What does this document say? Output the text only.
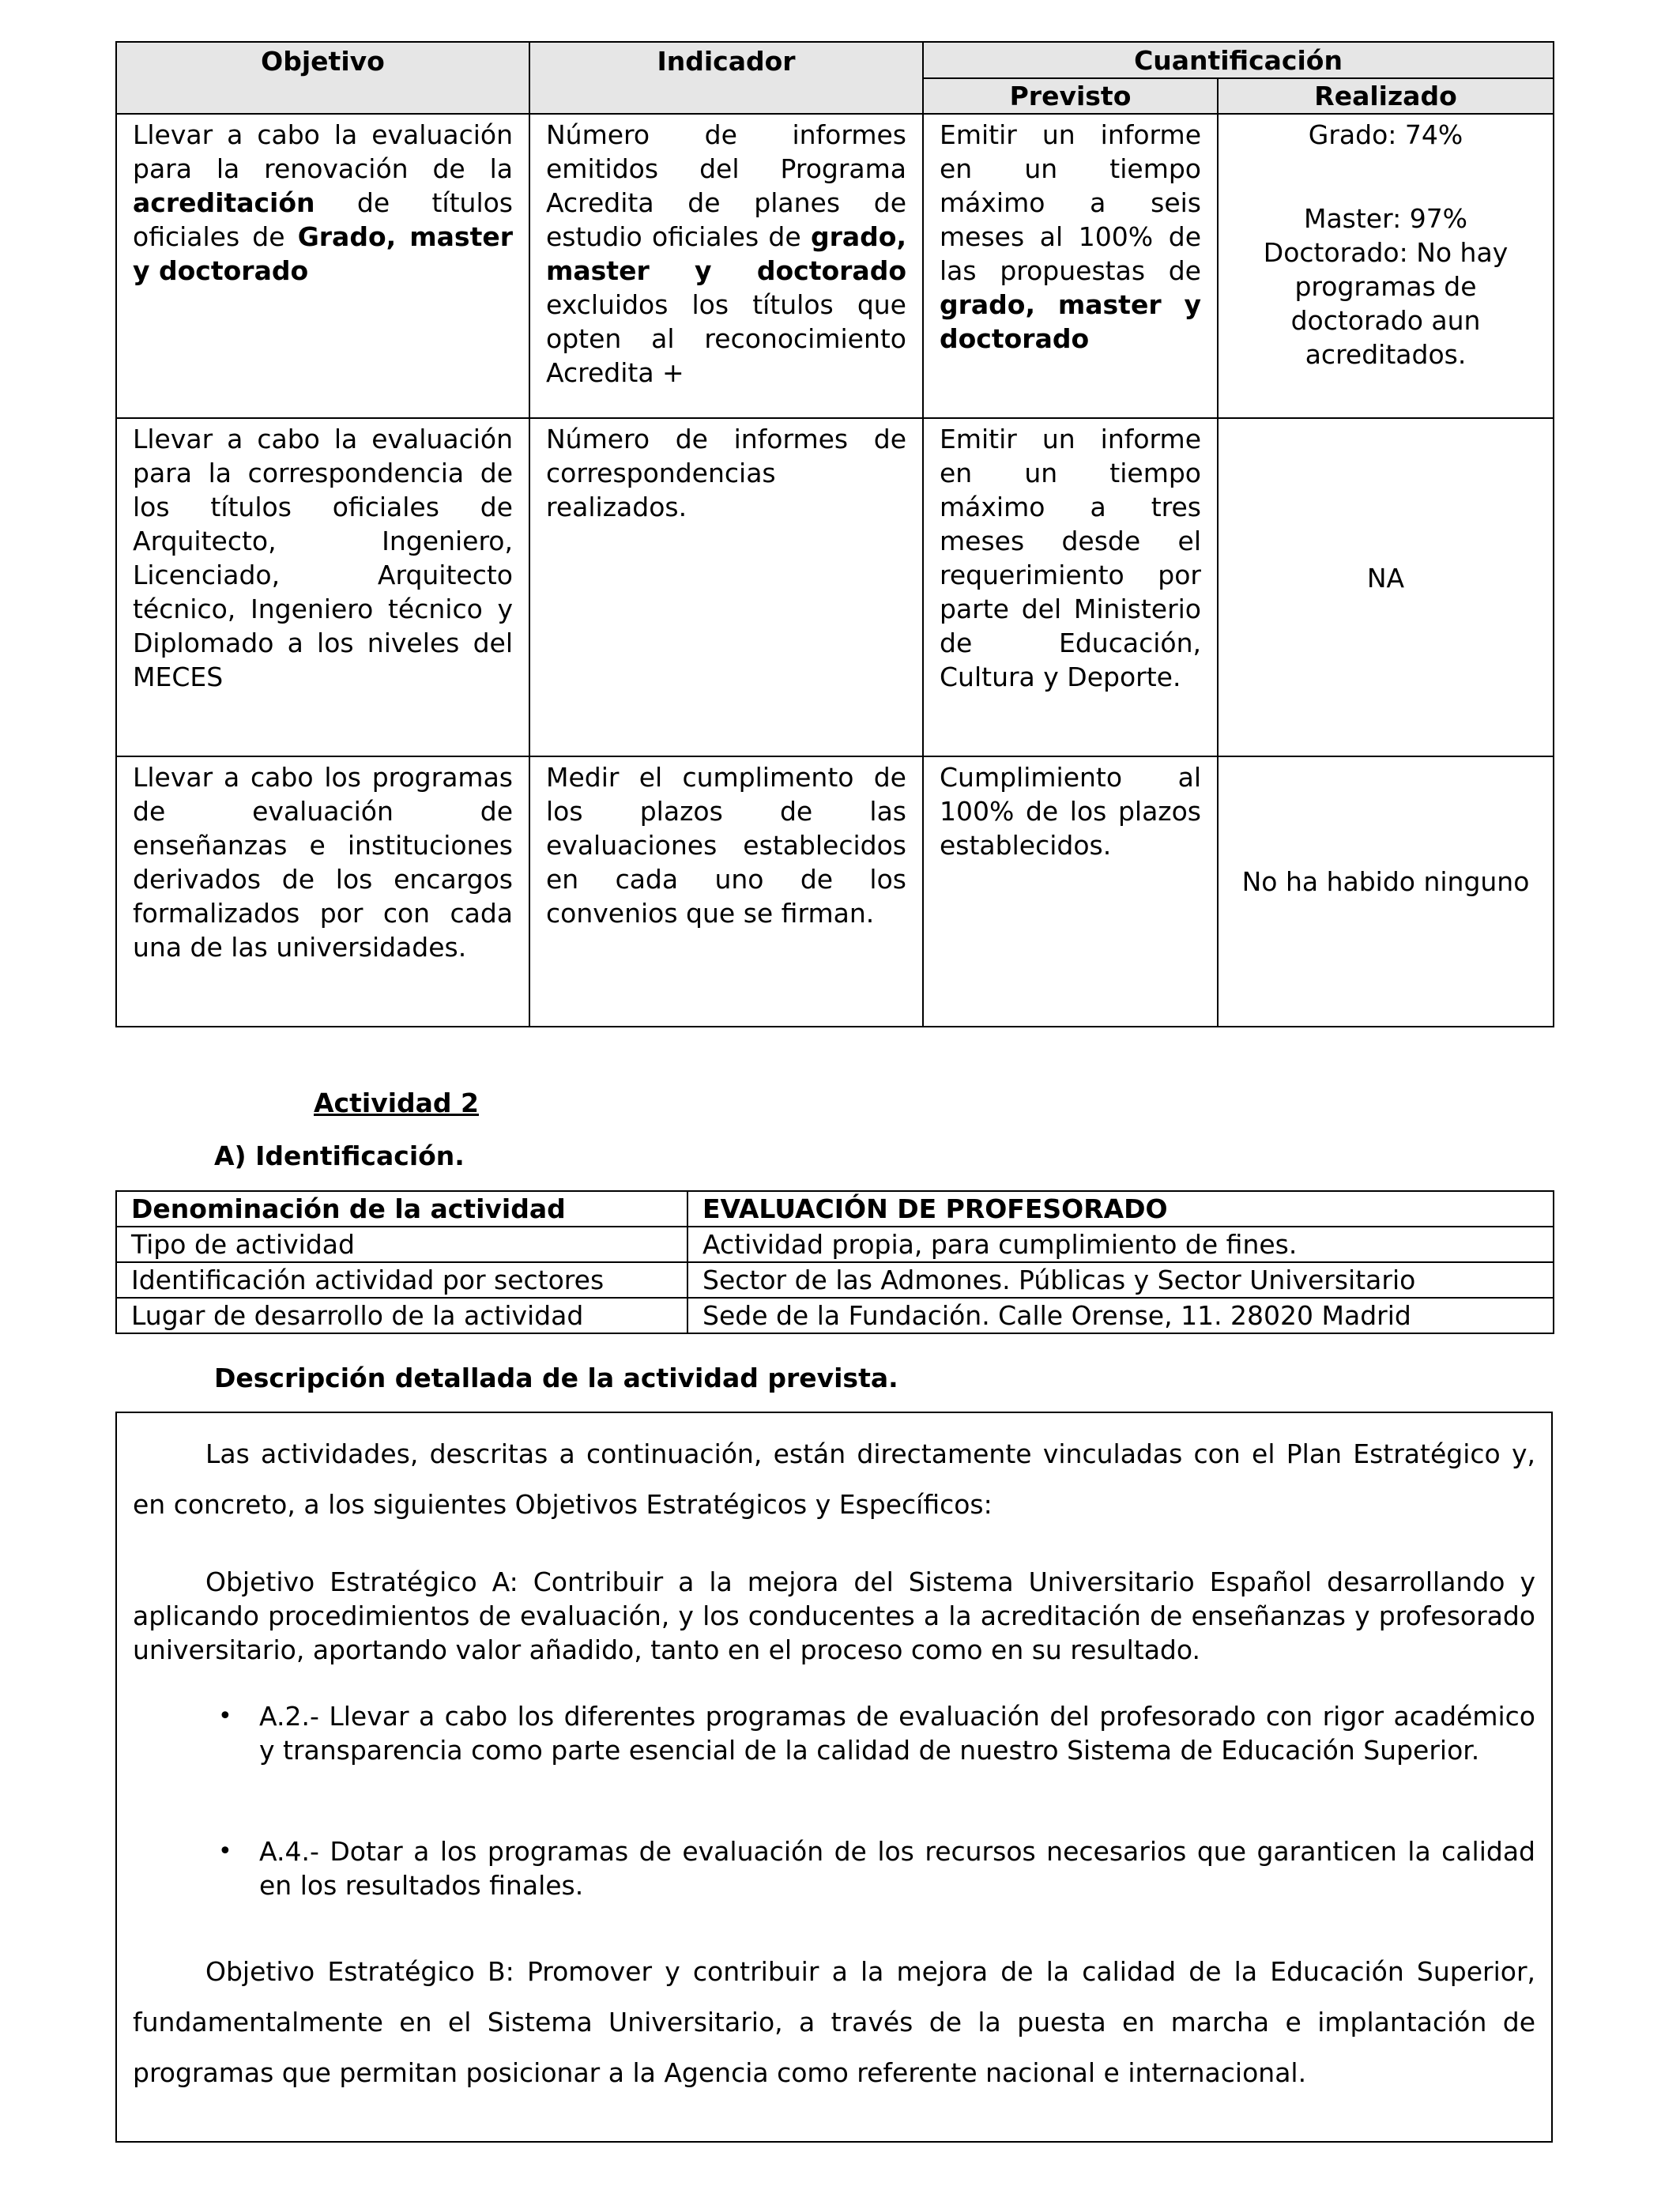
Objetivo	Indicador	Cuantificación	
		Previsto	Realizado
Llevar a cabo la evaluación para la renovación de la acreditación de títulos oficiales de Grado, master y doctorado	Número de informes emitidos del Programa Acredita de planes de estudio oficiales de grado, master y doctorado excluidos los títulos que opten al reconocimiento Acredita +	Emitir un informe en un tiempo máximo a seis meses al 100% de las propuestas de grado, master y doctorado	Grado: 74%
Master: 97%
Doctorado: No hay programas de doctorado aun acreditados.

Llevar a cabo la evaluación para la correspondencia de los títulos oficiales de Arquitecto, Ingeniero, Licenciado, Arquitecto técnico, Ingeniero técnico y Diplomado a los niveles del MECES	Número de informes de correspondencias realizados.	Emitir un informe en un tiempo máximo a tres meses desde el requerimiento por parte del Ministerio de Educación, Cultura y Deporte.	NA
Llevar a cabo los programas de evaluación de enseñanzas e instituciones derivados de los encargos formalizados por con cada una de las universidades.	Medir el cumplimento de los plazos de las evaluaciones establecidos en cada uno de los convenios que se firman.	Cumplimiento al 100% de los plazos establecidos.	No ha habido ninguno
Actividad 2
A) Identificación.
Denominación de la actividad	EVALUACIÓN DE PROFESORADO
Tipo de actividad	Actividad propia, para cumplimiento de fines.
Identificación actividad por sectores	Sector de las Admones. Públicas y Sector Universitario
Lugar de desarrollo de la actividad	Sede de la Fundación. Calle Orense, 11. 28020 Madrid
Descripción detallada de la actividad prevista.
Las actividades, descritas a continuación, están directamente vinculadas con el Plan Estratégico y, en concreto, a los siguientes Objetivos Estratégicos y Específicos:
Objetivo Estratégico A: Contribuir a la mejora del Sistema Universitario Español desarrollando y aplicando procedimientos de evaluación, y los conducentes a la acreditación de enseñanzas y profesorado universitario, aportando valor añadido, tanto en el proceso como en su resultado.
• A.2.- Llevar a cabo los diferentes programas de evaluación del profesorado con rigor académico y transparencia como parte esencial de la calidad de nuestro Sistema de Educación Superior.
• A.4.- Dotar a los programas de evaluación de los recursos necesarios que garanticen la calidad en los resultados finales.
Objetivo Estratégico B: Promover y contribuir a la mejora de la calidad de la Educación Superior, fundamentalmente en el Sistema Universitario, a través de la puesta en marcha e implantación de programas que permitan posicionar a la Agencia como referente nacional e internacional.
